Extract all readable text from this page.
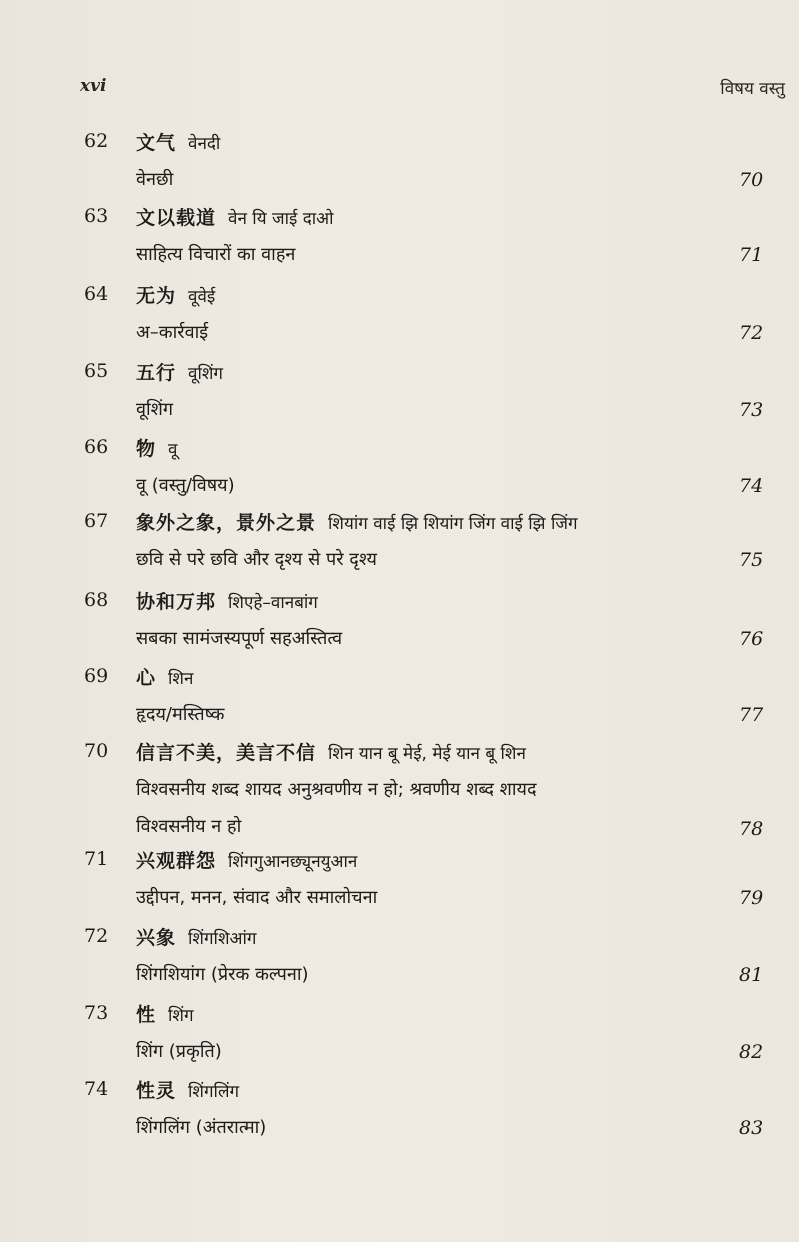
xvi	विषय वस्तु
62 文气 वेनदी
वेनछी	70
63 文以载道 वेन यि जाई दाओ
साहित्य विचारों का वाहन	71
64 无为 वूवेई
अ–कार्रवाई	72
65 五行 वूशिंग
वूशिंग	73
66 物 वू
वू (वस्तु/विषय)	74
67 象外之象，景外之景 शियांग वाई झि शियांग जिंग वाई झि जिंग
छवि से परे छवि और दृश्य से परे दृश्य	75
68 协和万邦 शिएहे–वानबांग
सबका सामंजस्यपूर्ण सहअस्तित्व	76
69 心 शिन
हृदय/मस्तिष्क	77
70 信言不美，美言不信 शिन यान बू मेई, मेई यान बू शिन
विश्वसनीय शब्द शायद अनुश्रवणीय न हो; श्रवणीय शब्द शायद
विश्वसनीय न हो	78
71 兴观群怨 शिंगगुआनछ्यूनयुआन
उद्दीपन, मनन, संवाद और समालोचना	79
72 兴象 शिंगशिआंग
शिंगशियांग (प्रेरक कल्पना)	81
73 性 शिंग
शिंग (प्रकृति)	82
74 性灵 शिंगलिंग
शिंगलिंग (अंतरात्मा)	83
